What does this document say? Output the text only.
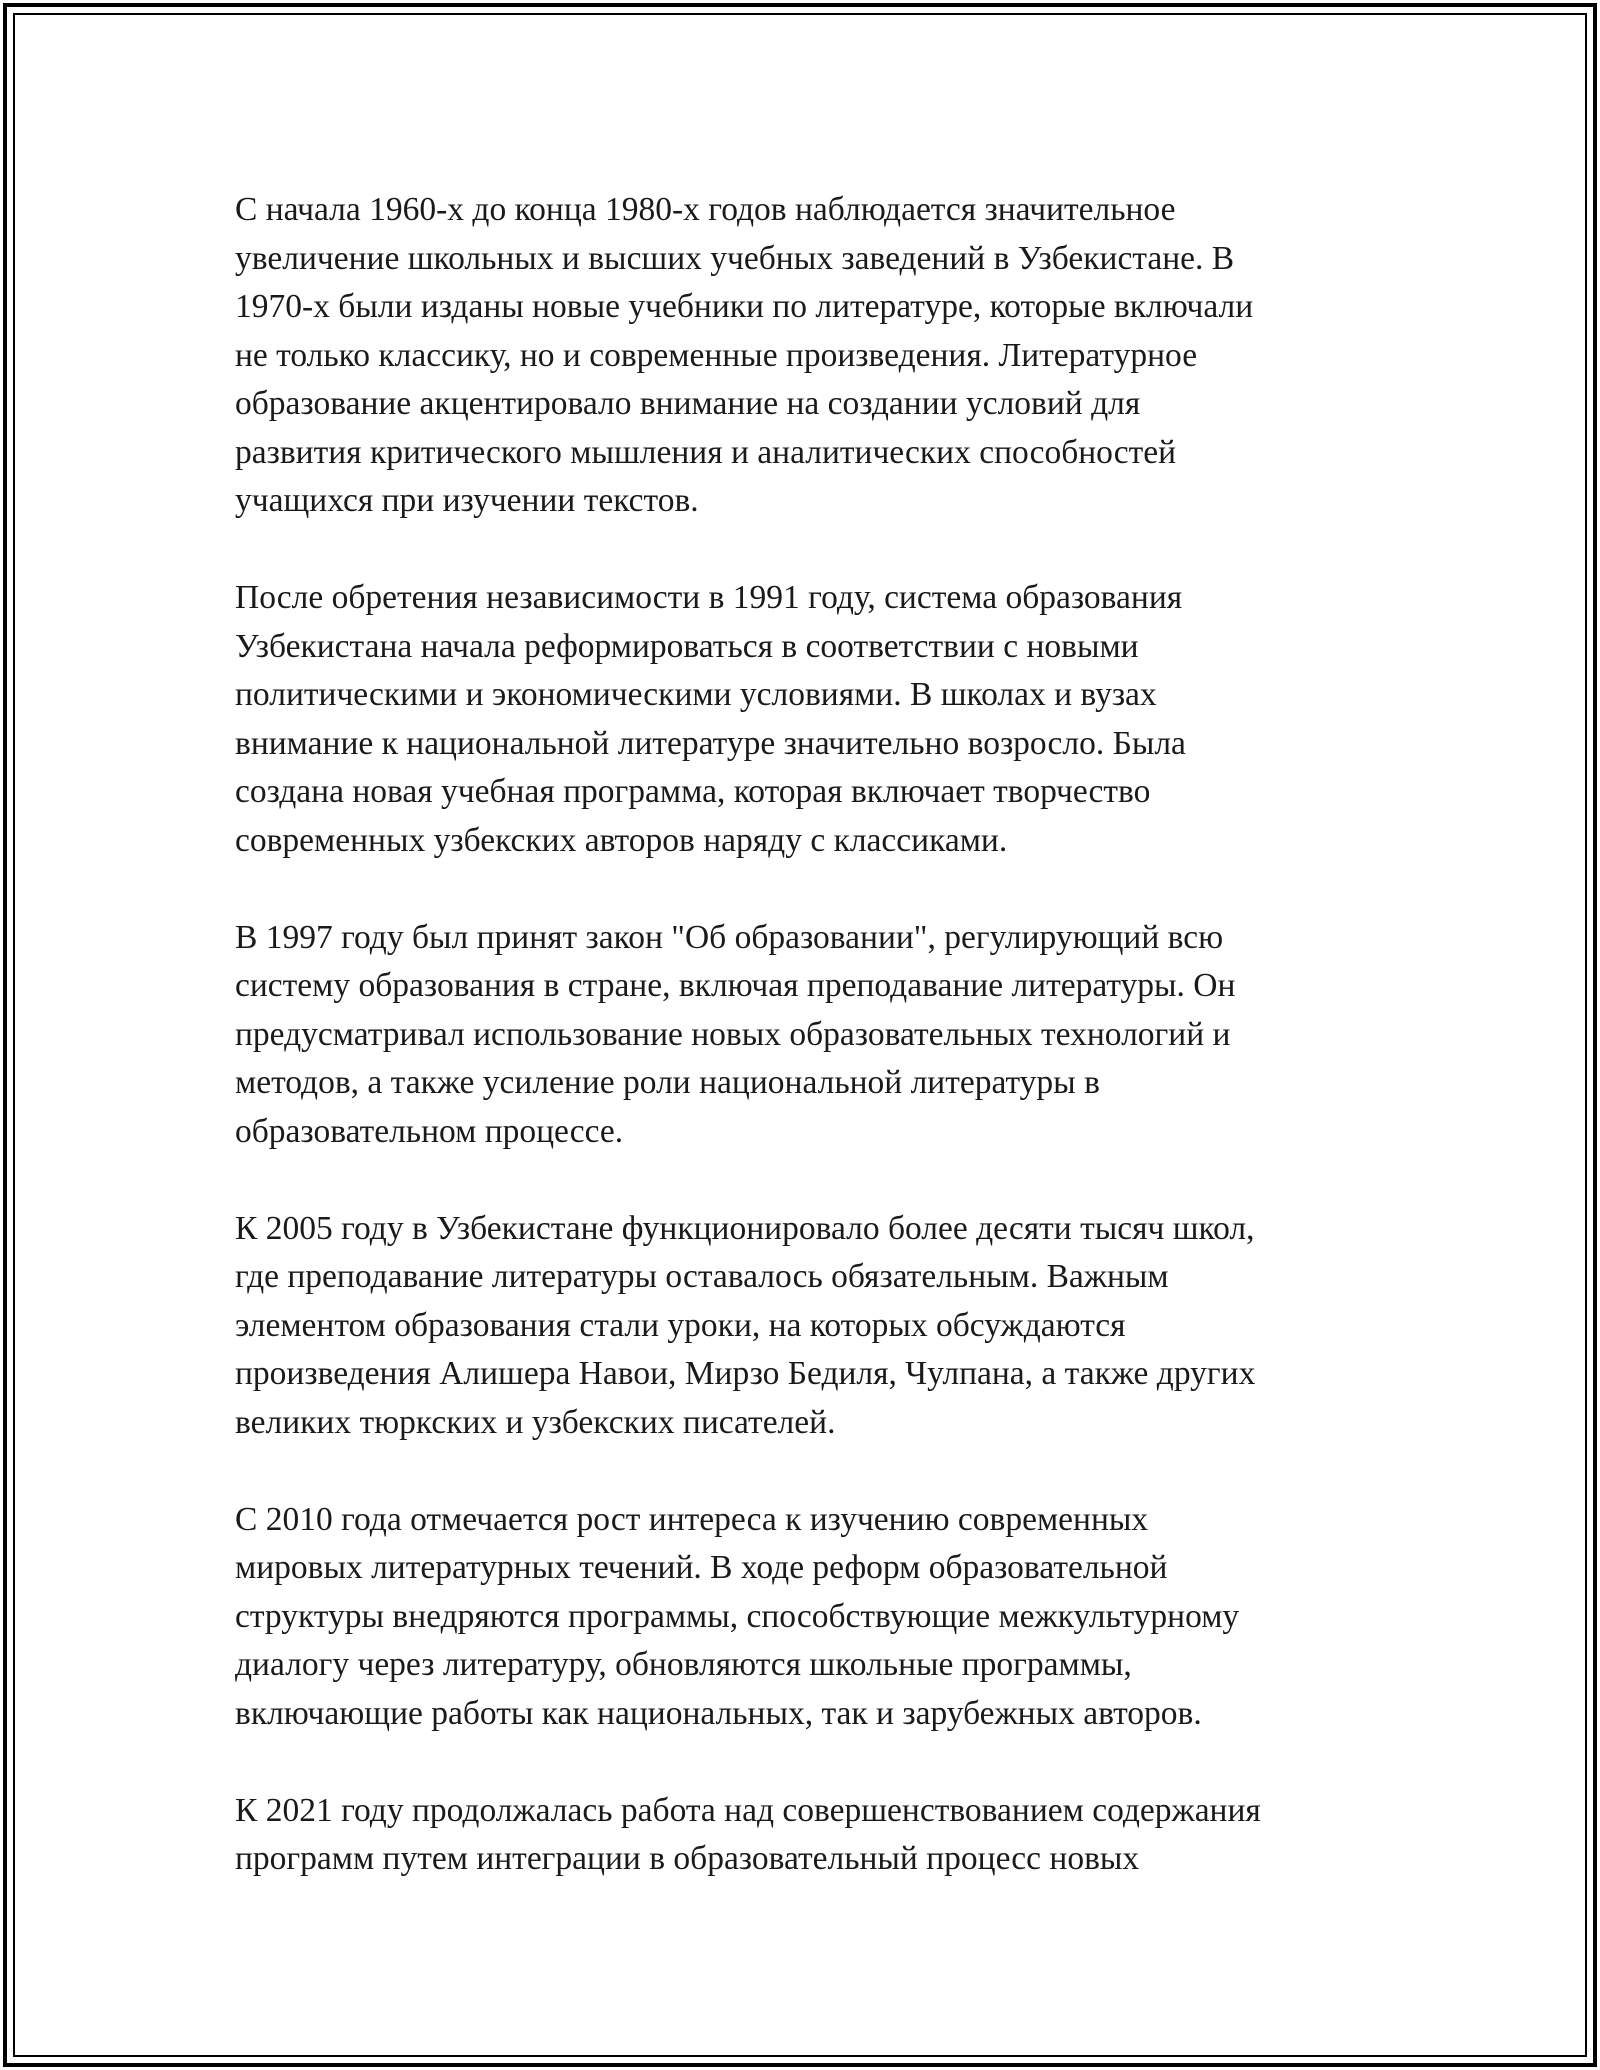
С начала 1960-х до конца 1980-х годов наблюдается значительное
увеличение школьных и высших учебных заведений в Узбекистане. В
1970-х были изданы новые учебники по литературе, которые включали
не только классику, но и современные произведения. Литературное
образование акцентировало внимание на создании условий для
развития критического мышления и аналитических способностей
учащихся при изучении текстов.

После обретения независимости в 1991 году, система образования
Узбекистана начала реформироваться в соответствии с новыми
политическими и экономическими условиями. В школах и вузах
внимание к национальной литературе значительно возросло. Была
создана новая учебная программа, которая включает творчество
современных узбекских авторов наряду с классиками.

В 1997 году был принят закон "Об образовании", регулирующий всю
систему образования в стране, включая преподавание литературы. Он
предусматривал использование новых образовательных технологий и
методов, а также усиление роли национальной литературы в
образовательном процессе.

К 2005 году в Узбекистане функционировало более десяти тысяч школ,
где преподавание литературы оставалось обязательным. Важным
элементом образования стали уроки, на которых обсуждаются
произведения Алишера Навои, Мирзо Бедиля, Чулпана, а также других
великих тюркских и узбекских писателей.

С 2010 года отмечается рост интереса к изучению современных
мировых литературных течений. В ходе реформ образовательной
структуры внедряются программы, способствующие межкультурному
диалогу через литературу, обновляются школьные программы,
включающие работы как национальных, так и зарубежных авторов.

К 2021 году продолжалась работа над совершенствованием содержания
программ путем интеграции в образовательный процесс новых
